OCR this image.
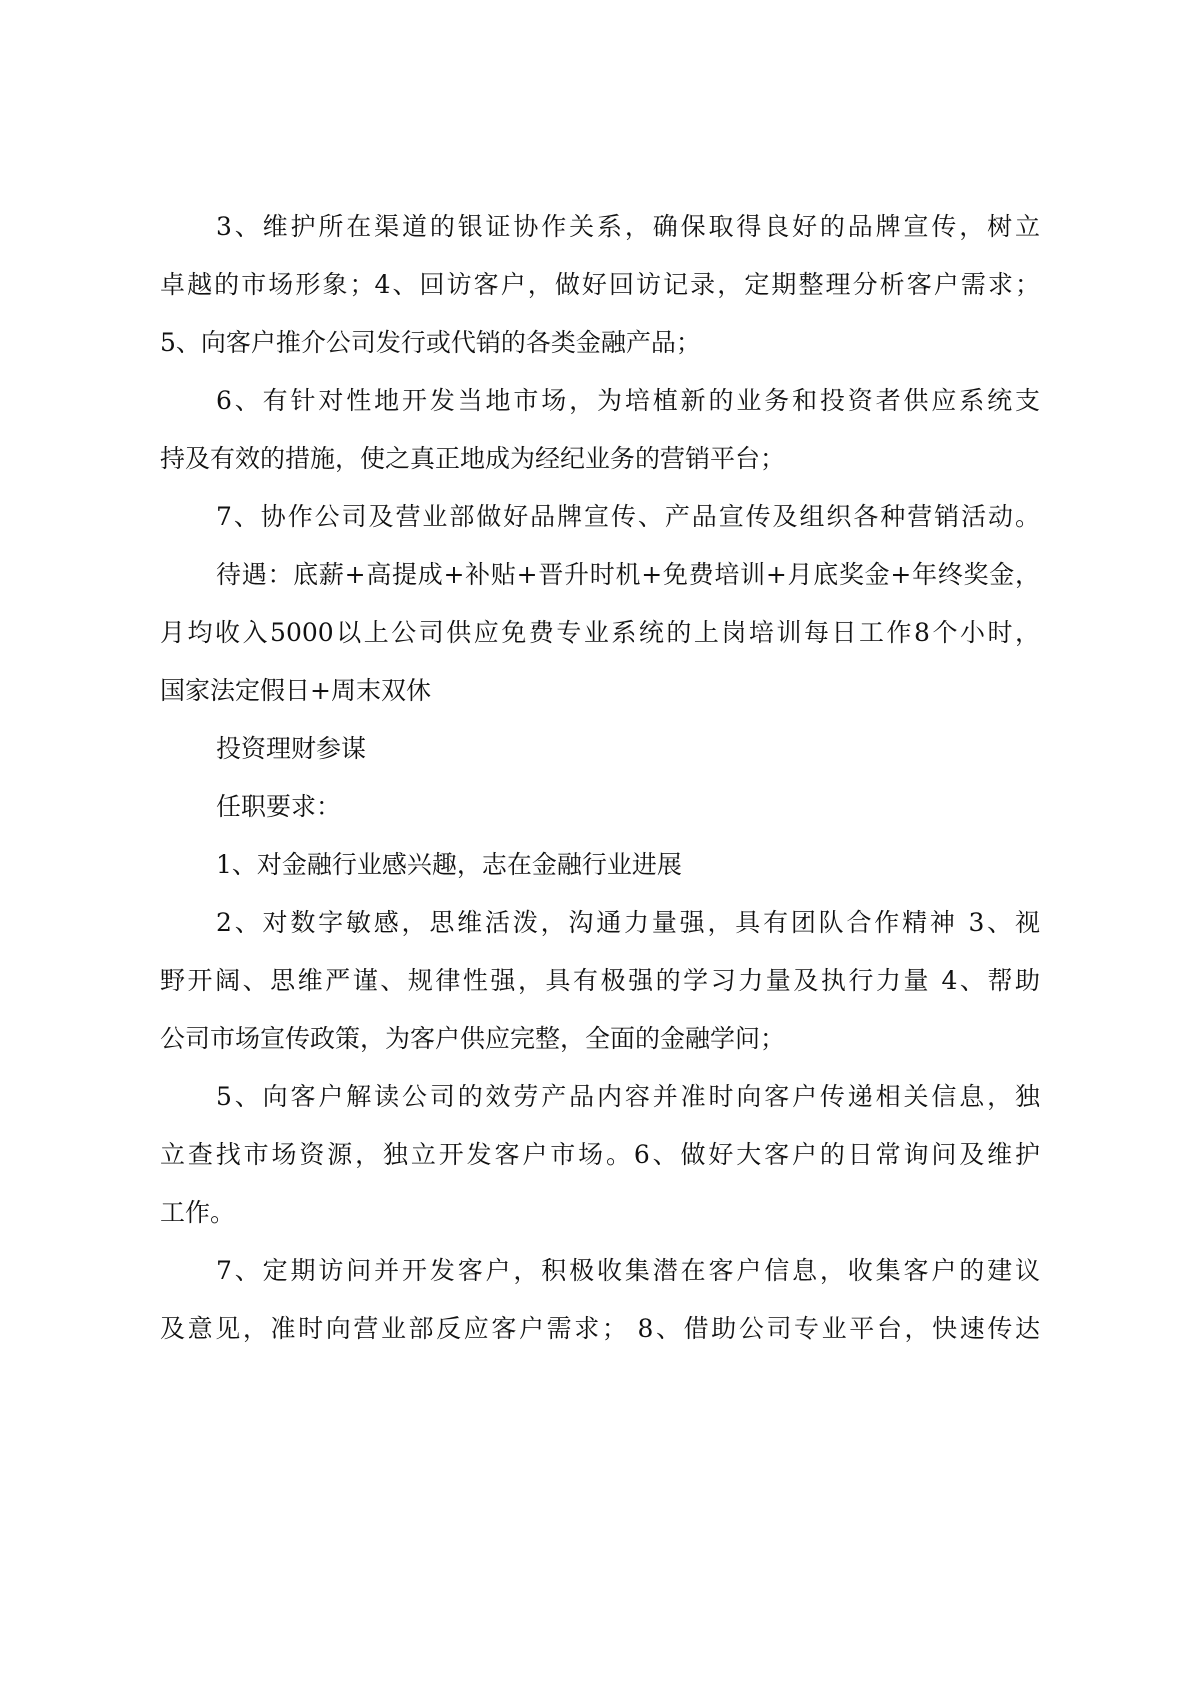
3、维护所在渠道的银证协作关系，确保取得良好的品牌宣传，树立
卓越的市场形象；4、回访客户，做好回访记录，定期整理分析客户需求；
5、向客户推介公司发行或代销的各类金融产品；
6、有针对性地开发当地市场，为培植新的业务和投资者供应系统支
持及有效的措施，使之真正地成为经纪业务的营销平台；
7、协作公司及营业部做好品牌宣传、产品宣传及组织各种营销活动。
待遇：底薪+高提成+补贴+晋升时机+免费培训+月底奖金+年终奖金，
月均收入5000以上公司供应免费专业系统的上岗培训每日工作8个小时，
国家法定假日+周末双休
投资理财参谋
任职要求：
1、对金融行业感兴趣，志在金融行业进展
2、对数字敏感，思维活泼，沟通力量强，具有团队合作精神 3、视
野开阔、思维严谨、规律性强，具有极强的学习力量及执行力量 4、帮助
公司市场宣传政策，为客户供应完整，全面的金融学问；
5、向客户解读公司的效劳产品内容并准时向客户传递相关信息，独
立查找市场资源，独立开发客户市场。6、做好大客户的日常询问及维护
工作。
7、定期访问并开发客户，积极收集潜在客户信息，收集客户的建议
及意见，准时向营业部反应客户需求； 8、借助公司专业平台，快速传达
